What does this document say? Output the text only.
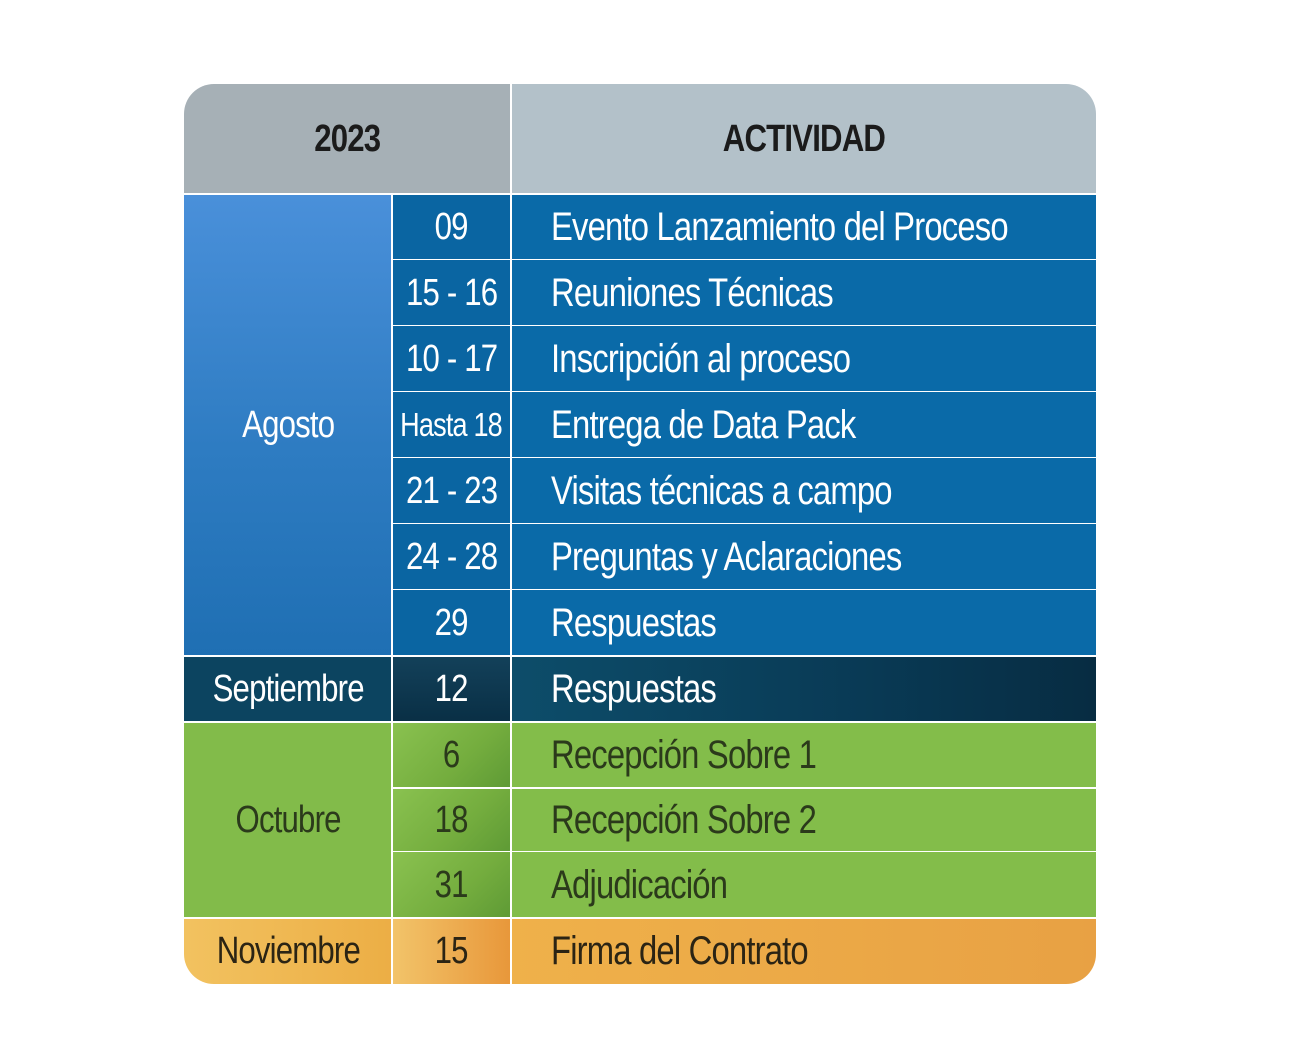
2023	ACTIVIDAD
Agosto
09
15 - 16
10 - 17
Hasta 18
21 - 23
24 - 28
29
Evento Lanzamiento del Proceso
Reuniones Técnicas
Inscripción al proceso
Entrega de Data Pack
Visitas técnicas a campo
Preguntas y Aclaraciones
Respuestas
Septiembre 12 Respuestas
Octubre
6
18
31
Recepción Sobre 1
Recepción Sobre 2
Adjudicación
Noviembre 15 Firma del Contrato
